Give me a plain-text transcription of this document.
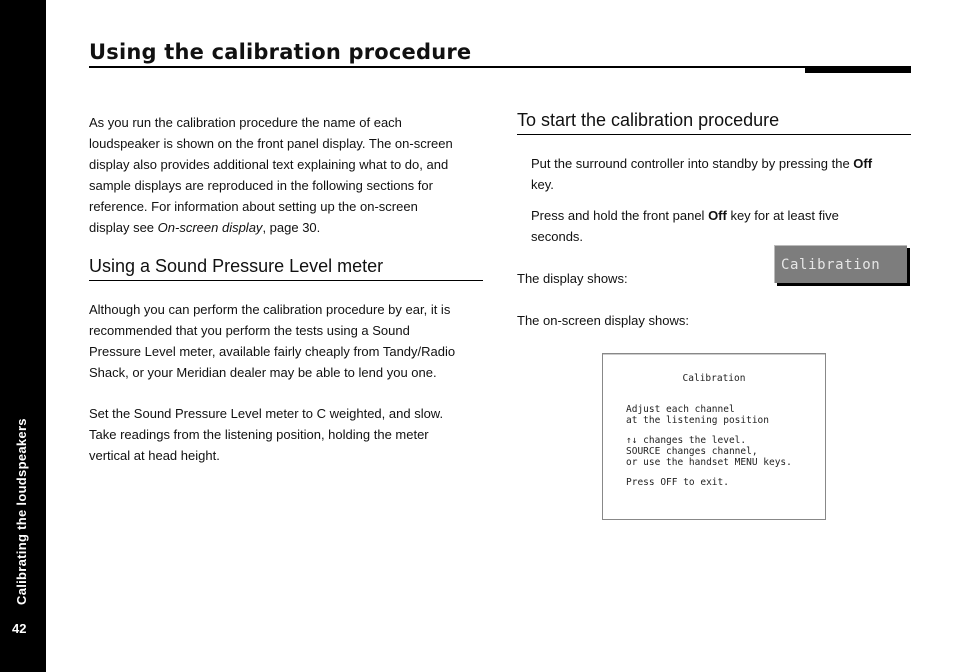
Calibrating the loudspeakers
42
Using the calibration procedure

As you run the calibration procedure the name of each
loudspeaker is shown on the front panel display. The on-screen
display also provides additional text explaining what to do, and
sample displays are reproduced in the following sections for
reference. For information about setting up the on-screen
display see On-screen display, page 30.

Using a Sound Pressure Level meter

Although you can perform the calibration procedure by ear, it is
recommended that you perform the tests using a Sound
Pressure Level meter, available fairly cheaply from Tandy/Radio
Shack, or your Meridian dealer may be able to lend you one.

Set the Sound Pressure Level meter to C weighted, and slow.
Take readings from the listening position, holding the meter
vertical at head height.

To start the calibration procedure

Put the surround controller into standby by pressing the Off
key.

Press and hold the front panel Off key for at least five
seconds.

The display shows:

Calibration

The on-screen display shows:

Calibration
Adjust each channel
at the listening position
↑↓ changes the level.
SOURCE changes channel,
or use the handset MENU keys.
Press OFF to exit.
